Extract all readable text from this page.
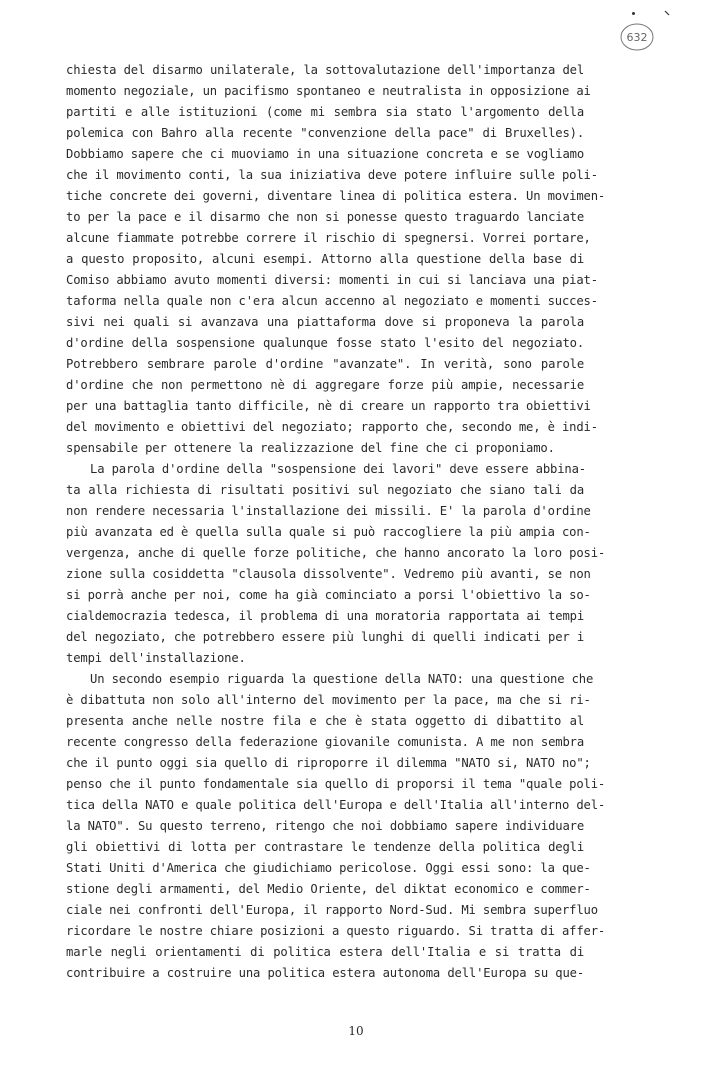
632
chiesta del disarmo unilaterale, la sottovalutazione dell'importanza del
momento negoziale, un pacifismo spontaneo e neutralista in opposizione ai
partiti e alle istituzioni (come mi sembra sia stato l'argomento della
polemica con Bahro alla recente "convenzione della pace" di Bruxelles).
Dobbiamo sapere che ci muoviamo in una situazione concreta e se vogliamo
che il movimento conti, la sua iniziativa deve potere influire sulle poli-
tiche concrete dei governi, diventare linea di politica estera. Un movimen-
to per la pace e il disarmo che non si ponesse questo traguardo lanciate
alcune fiammate potrebbe correre il rischio di spegnersi. Vorrei portare,
a questo proposito, alcuni esempi. Attorno alla questione della base di
Comiso abbiamo avuto momenti diversi: momenti in cui si lanciava una piat-
taforma nella quale non c'era alcun accenno al negoziato e momenti succes-
sivi nei quali si avanzava una piattaforma dove si proponeva la parola
d'ordine della sospensione qualunque fosse stato l'esito del negoziato.
Potrebbero sembrare parole d'ordine "avanzate". In verità, sono parole
d'ordine che non permettono nè di aggregare forze più ampie, necessarie
per una battaglia tanto difficile, nè di creare un rapporto tra obiettivi
del movimento e obiettivi del negoziato; rapporto che, secondo me, è indi-
spensabile per ottenere la realizzazione del fine che ci proponiamo.
La parola d'ordine della "sospensione dei lavori" deve essere abbina-
ta alla richiesta di risultati positivi sul negoziato che siano tali da
non rendere necessaria l'installazione dei missili. E' la parola d'ordine
più avanzata ed è quella sulla quale si può raccogliere la più ampia con-
vergenza, anche di quelle forze politiche, che hanno ancorato la loro posi-
zione sulla cosiddetta "clausola dissolvente". Vedremo più avanti, se non
si porrà anche per noi, come ha già cominciato a porsi l'obiettivo la so-
cialdemocrazia tedesca, il problema di una moratoria rapportata ai tempi
del negoziato, che potrebbero essere più lunghi di quelli indicati per i
tempi dell'installazione.
Un secondo esempio riguarda la questione della NATO: una questione che
è dibattuta non solo all'interno del movimento per la pace, ma che si ri-
presenta anche nelle nostre fila e che è stata oggetto di dibattito al
recente congresso della federazione giovanile comunista. A me non sembra
che il punto oggi sia quello di riproporre il dilemma "NATO si, NATO no";
penso che il punto fondamentale sia quello di proporsi il tema "quale poli-
tica della NATO e quale politica dell'Europa e dell'Italia all'interno del-
la NATO". Su questo terreno, ritengo che noi dobbiamo sapere individuare
gli obiettivi di lotta per contrastare le tendenze della politica degli
Stati Uniti d'America che giudichiamo pericolose. Oggi essi sono: la que-
stione degli armamenti, del Medio Oriente, del diktat economico e commer-
ciale nei confronti dell'Europa, il rapporto Nord-Sud. Mi sembra superfluo
ricordare le nostre chiare posizioni a questo riguardo. Si tratta di affer-
marle negli orientamenti di politica estera dell'Italia e si tratta di
contribuire a costruire una politica estera autonoma dell'Europa su que-
10
